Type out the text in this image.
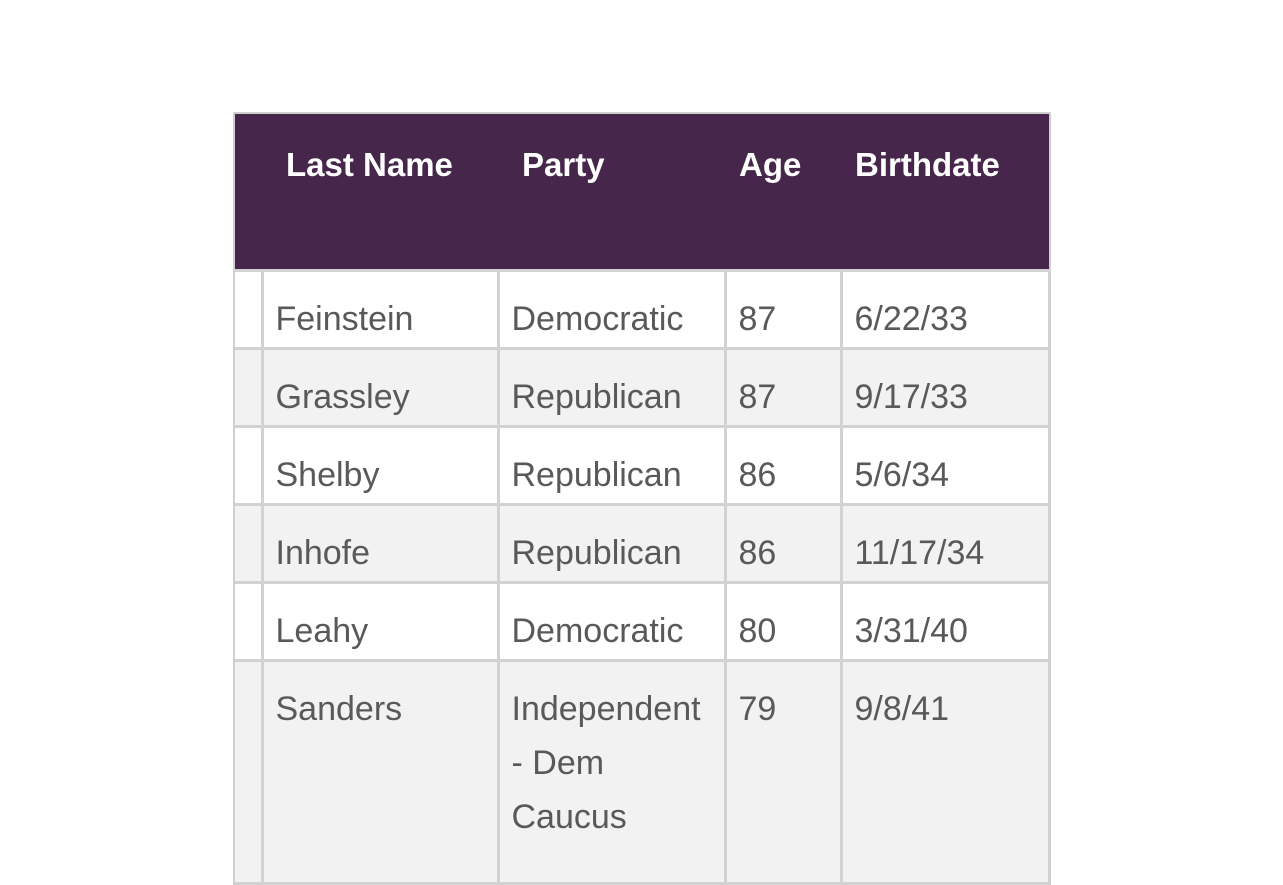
	Last Name	Party	Age	Birthdate
	Feinstein	Democratic	87	6/22/33
	Grassley	Republican	87	9/17/33
	Shelby	Republican	86	5/6/34
	Inhofe	Republican	86	11/17/34
	Leahy	Democratic	80	3/31/40
	Sanders	Independent - Dem Caucus	79	9/8/41
